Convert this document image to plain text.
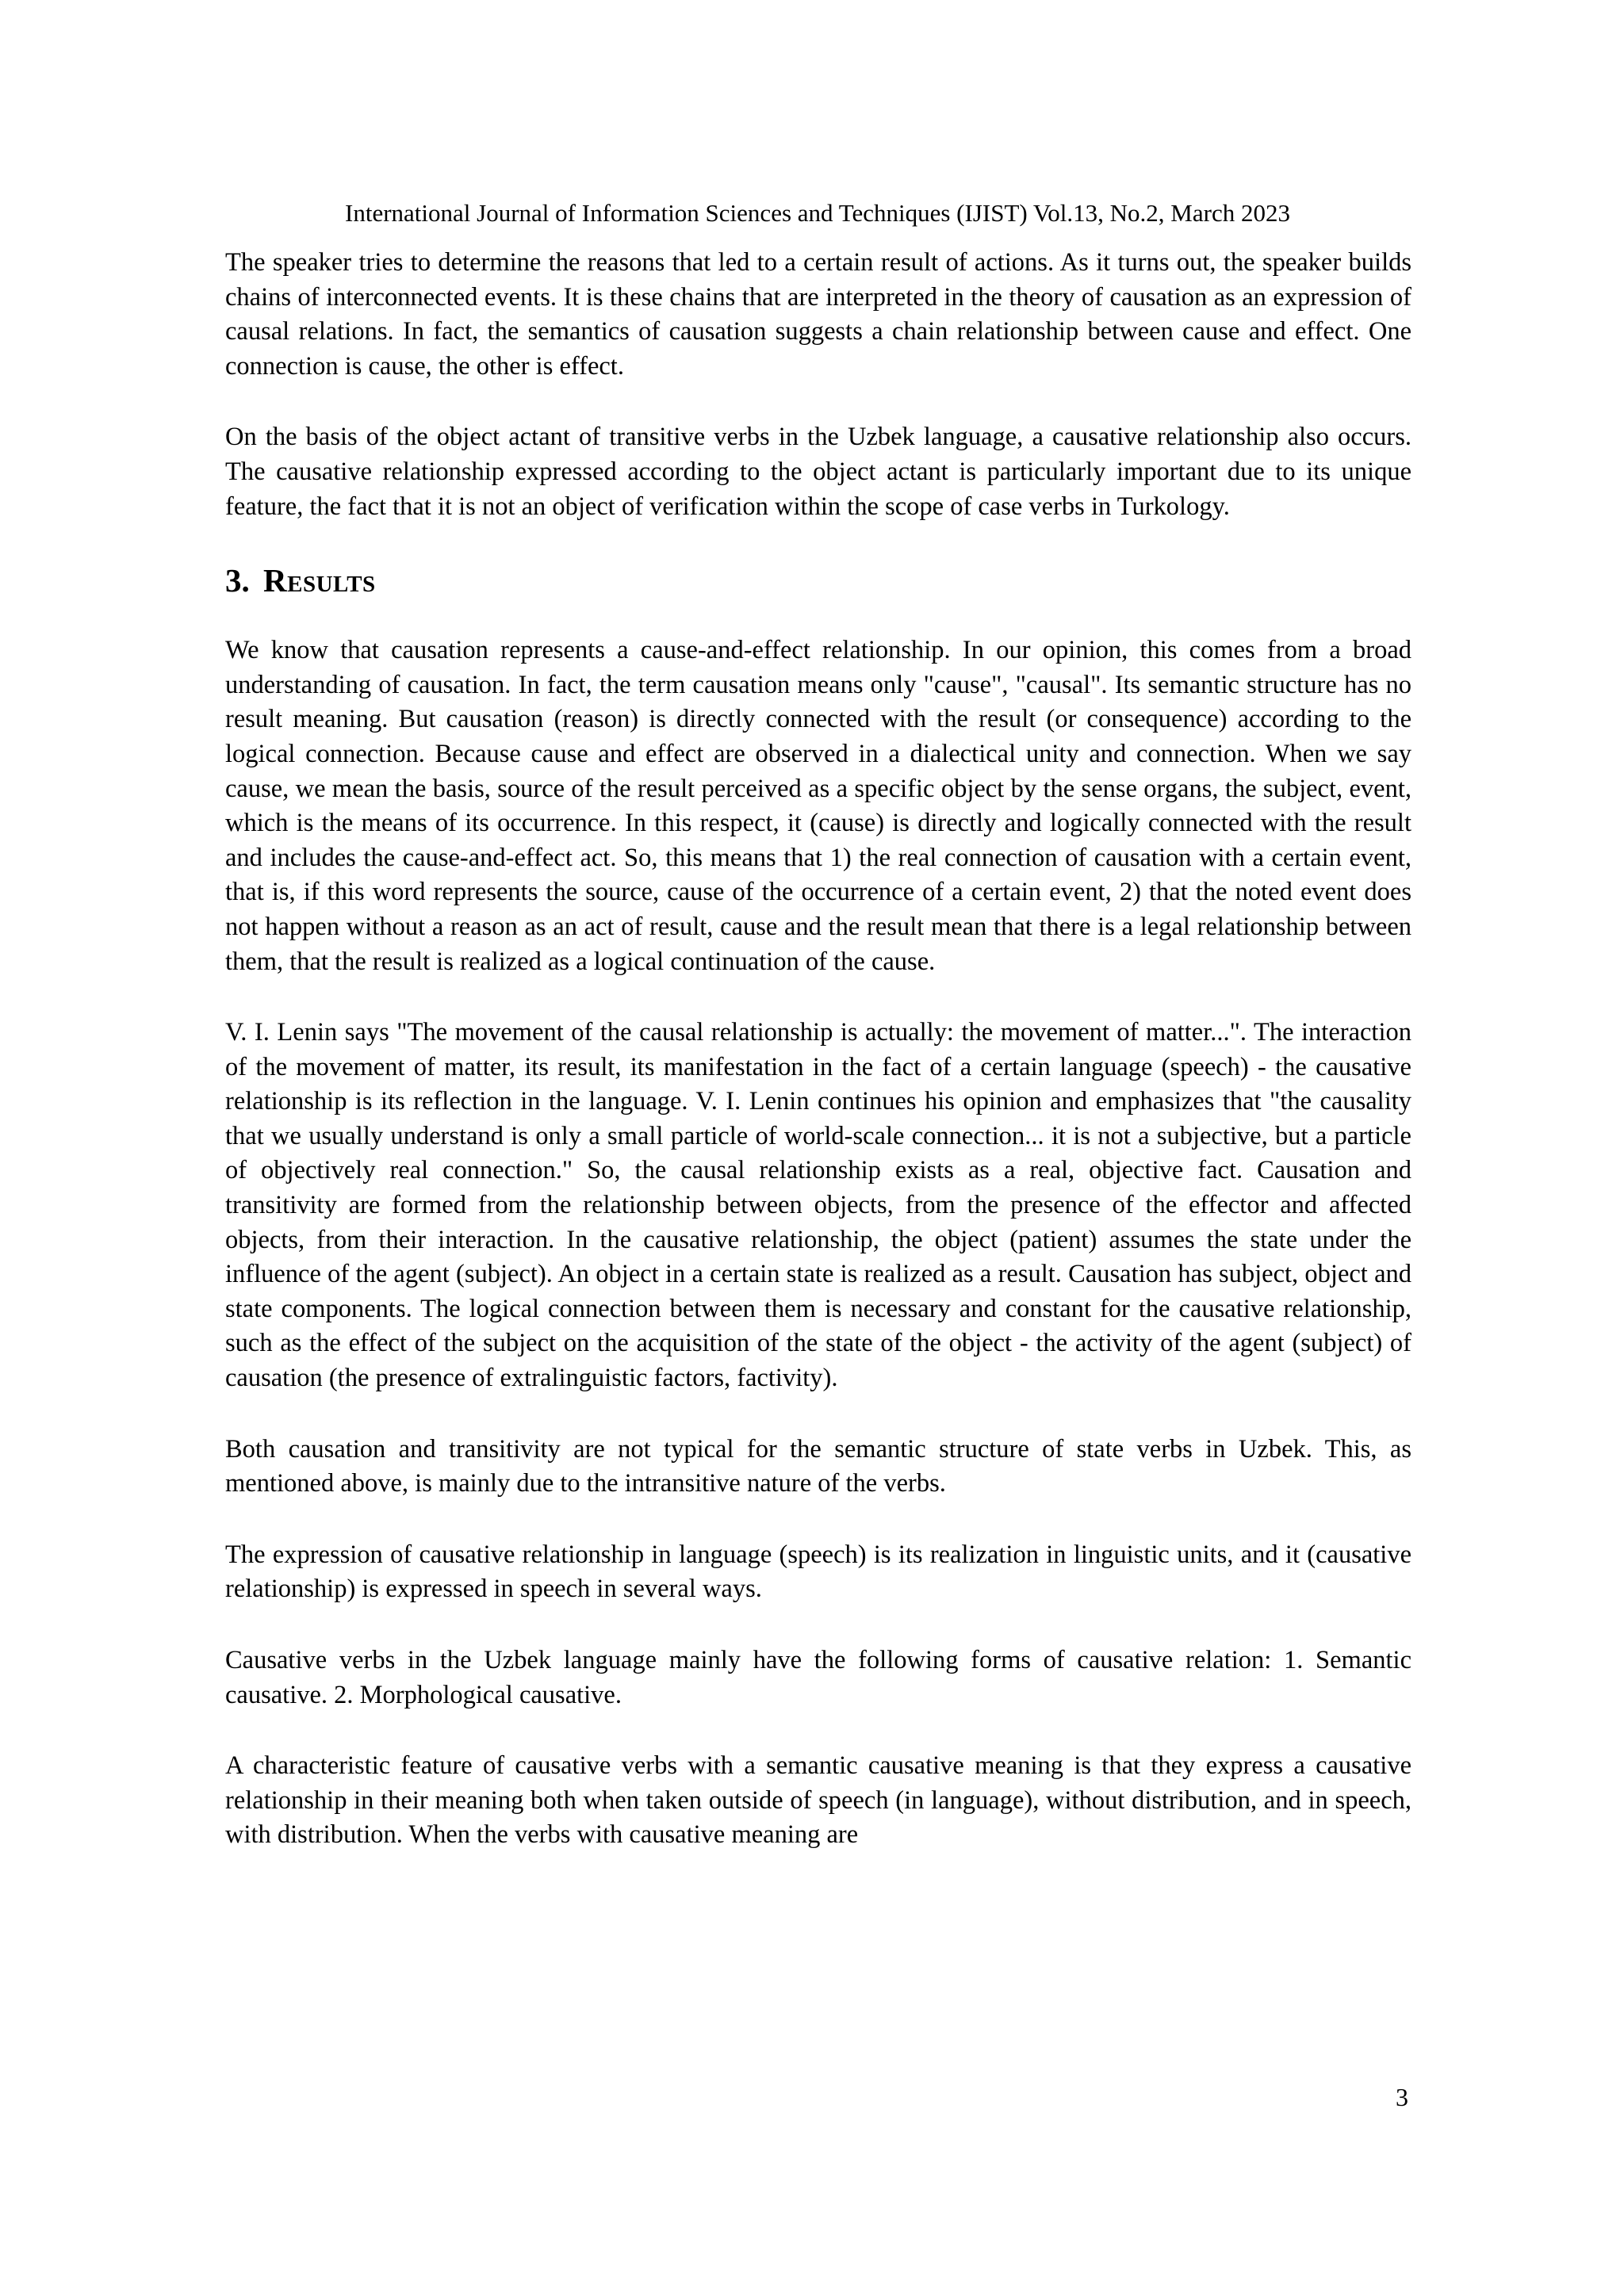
International Journal of Information Sciences and Techniques (IJIST) Vol.13, No.2, March 2023

The speaker tries to determine the reasons that led to a certain result of actions. As it turns out, the speaker builds chains of interconnected events. It is these chains that are interpreted in the theory of causation as an expression of causal relations. In fact, the semantics of causation suggests a chain relationship between cause and effect. One connection is cause, the other is effect.

On the basis of the object actant of transitive verbs in the Uzbek language, a causative relationship also occurs. The causative relationship expressed according to the object actant is particularly important due to its unique feature, the fact that it is not an object of verification within the scope of case verbs in Turkology.

3. Results

We know that causation represents a cause-and-effect relationship. In our opinion, this comes from a broad understanding of causation. In fact, the term causation means only "cause", "causal". Its semantic structure has no result meaning. But causation (reason) is directly connected with the result (or consequence) according to the logical connection. Because cause and effect are observed in a dialectical unity and connection. When we say cause, we mean the basis, source of the result perceived as a specific object by the sense organs, the subject, event, which is the means of its occurrence. In this respect, it (cause) is directly and logically connected with the result and includes the cause-and-effect act. So, this means that 1) the real connection of causation with a certain event, that is, if this word represents the source, cause of the occurrence of a certain event, 2) that the noted event does not happen without a reason as an act of result, cause and the result mean that there is a legal relationship between them, that the result is realized as a logical continuation of the cause.

V. I. Lenin says "The movement of the causal relationship is actually: the movement of matter...". The interaction of the movement of matter, its result, its manifestation in the fact of a certain language (speech) - the causative relationship is its reflection in the language. V. I. Lenin continues his opinion and emphasizes that "the causality that we usually understand is only a small particle of world-scale connection... it is not a subjective, but a particle of objectively real connection." So, the causal relationship exists as a real, objective fact. Causation and transitivity are formed from the relationship between objects, from the presence of the effector and affected objects, from their interaction. In the causative relationship, the object (patient) assumes the state under the influence of the agent (subject). An object in a certain state is realized as a result. Causation has subject, object and state components. The logical connection between them is necessary and constant for the causative relationship, such as the effect of the subject on the acquisition of the state of the object - the activity of the agent (subject) of causation (the presence of extralinguistic factors, factivity).

Both causation and transitivity are not typical for the semantic structure of state verbs in Uzbek. This, as mentioned above, is mainly due to the intransitive nature of the verbs.

The expression of causative relationship in language (speech) is its realization in linguistic units, and it (causative relationship) is expressed in speech in several ways.

Causative verbs in the Uzbek language mainly have the following forms of causative relation: 1. Semantic causative. 2. Morphological causative.

A characteristic feature of causative verbs with a semantic causative meaning is that they express a causative relationship in their meaning both when taken outside of speech (in language), without distribution, and in speech, with distribution. When the verbs with causative meaning are

3
